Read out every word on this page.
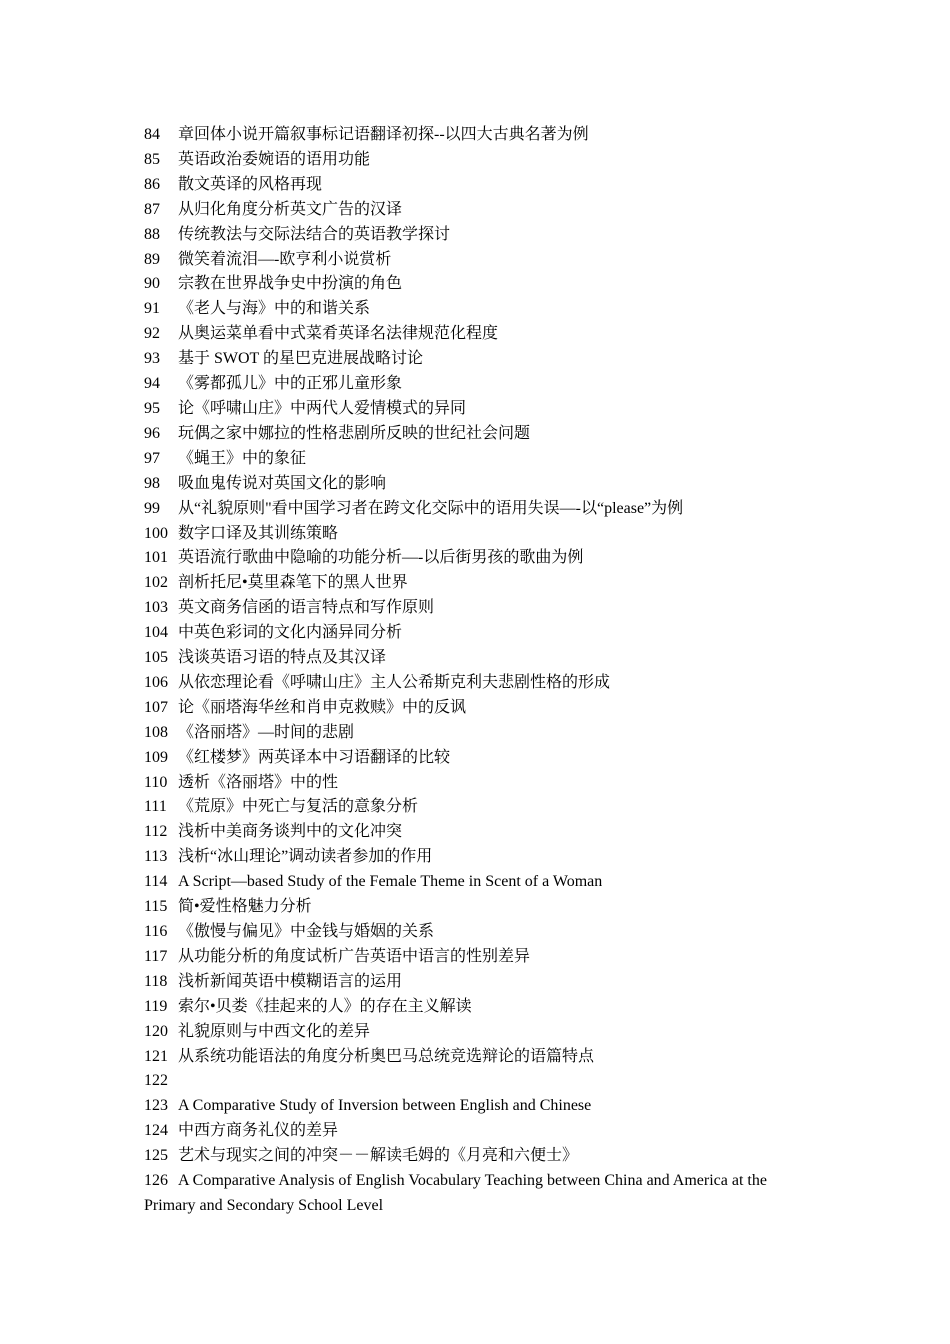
84 章回体小说开篇叙事标记语翻译初探--以四大古典名著为例
85 英语政治委婉语的语用功能
86 散文英译的风格再现
87 从归化角度分析英文广告的汉译
88 传统教法与交际法结合的英语教学探讨
89 微笑着流泪—-欧亨利小说赏析
90 宗教在世界战争史中扮演的角色
91 《老人与海》中的和谐关系
92 从奥运菜单看中式菜肴英译名法律规范化程度
93 基于 SWOT 的星巴克进展战略讨论
94 《雾都孤儿》中的正邪儿童形象
95 论《呼啸山庄》中两代人爱情模式的异同
96 玩偶之家中娜拉的性格悲剧所反映的世纪社会问题
97 《蝇王》中的象征
98 吸血鬼传说对英国文化的影响
99 从“礼貌原则"看中国学习者在跨文化交际中的语用失误—-以“please”为例
100 数字口译及其训练策略
101 英语流行歌曲中隐喻的功能分析—-以后街男孩的歌曲为例
102 剖析托尼•莫里森笔下的黑人世界
103 英文商务信函的语言特点和写作原则
104 中英色彩词的文化内涵异同分析
105 浅谈英语习语的特点及其汉译
106 从依恋理论看《呼啸山庄》主人公希斯克利夫悲剧性格的形成
107 论《丽塔海华丝和肖申克救赎》中的反讽
108 《洛丽塔》—时间的悲剧
109 《红楼梦》两英译本中习语翻译的比较
110 透析《洛丽塔》中的性
111 《荒原》中死亡与复活的意象分析
112 浅析中美商务谈判中的文化冲突
113 浅析“冰山理论”调动读者参加的作用
114 A Script—based Study of the Female Theme in Scent of a Woman
115 简•爱性格魅力分析
116 《傲慢与偏见》中金钱与婚姻的关系
117 从功能分析的角度试析广告英语中语言的性别差异
118 浅析新闻英语中模糊语言的运用
119 索尔•贝娄《挂起来的人》的存在主义解读
120 礼貌原则与中西文化的差异
121 从系统功能语法的角度分析奥巴马总统竞选辩论的语篇特点
122
123 A Comparative Study of Inversion between English and Chinese
124 中西方商务礼仪的差异
125 艺术与现实之间的冲突－－解读毛姆的《月亮和六便士》
126 A Comparative Analysis of English Vocabulary Teaching between China and America at the Primary and Secondary School Level
